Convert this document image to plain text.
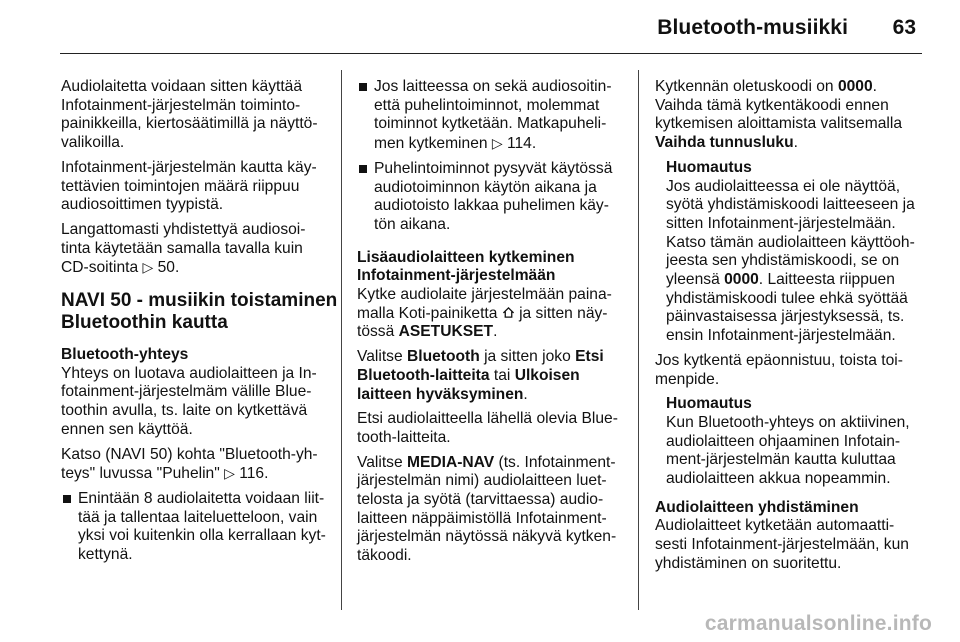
Bluetooth-musiikki 63

Audiolaitetta voidaan sitten käyttää
Infotainment-järjestelmän toiminto-
painikkeilla, kiertosäätimillä ja näyttö-
valikoilla.

Infotainment-järjestelmän kautta käy-
tettävien toimintojen määrä riippuu
audiosoittimen tyypistä.

Langattomasti yhdistettyä audiosoi-
tinta käytetään samalla tavalla kuin
CD-soitinta ▷ 50.

NAVI 50 - musiikin toistaminen
Bluetoothin kautta
Bluetooth-yhteys

Yhteys on luotava audiolaitteen ja In-
fotainment-järjestelmäm välille Blue-
toothin avulla, ts. laite on kytkettävä
ennen sen käyttöä.

Katso (NAVI 50) kohta "Bluetooth-yh-
teys" luvussa "Puhelin" ▷ 116.

Enintään 8 audiolaitetta voidaan liit-
tää ja tallentaa laiteluetteloon, vain
yksi voi kuitenkin olla kerrallaan kyt-
kettynä.
Jos laitteessa on sekä audiosoitin-
että puhelintoiminnot, molemmat
toiminnot kytketään. Matkapuheli-
men kytkeminen ▷ 114.
Puhelintoiminnot pysyvät käytössä
audiotoiminnon käytön aikana ja
audiotoisto lakkaa puhelimen käy-
tön aikana.
Lisäaudiolaitteen kytkeminen
Infotainment-järjestelmään

Kytke audiolaite järjestelmään paina-
malla Koti-painiketta  ja sitten näy-
tössä ASETUKSET.

Valitse Bluetooth ja sitten joko Etsi
Bluetooth-laitteita tai Ulkoisen
laitteen hyväksyminen.

Etsi audiolaitteella lähellä olevia Blue-
tooth-laitteita.

Valitse MEDIA-NAV (ts. Infotainment-
järjestelmän nimi) audiolaitteen luet-
telosta ja syötä (tarvittaessa) audio-
laitteen näppäimistöllä Infotainment-
järjestelmän näytössä näkyvä kytken-
täkoodi.

Kytkennän oletuskoodi on 0000.
Vaihda tämä kytkentäkoodi ennen
kytkemisen aloittamista valitsemalla
Vaihda tunnusluku.

Huomautus
Jos audiolaitteessa ei ole näyttöä,
syötä yhdistämiskoodi laitteeseen ja
sitten Infotainment-järjestelmään.
Katso tämän audiolaitteen käyttöoh-
jeesta sen yhdistämiskoodi, se on
yleensä 0000. Laitteesta riippuen
yhdistämiskoodi tulee ehkä syöttää
päinvastaisessa järjestyksessä, ts.
ensin Infotainment-järjestelmään.

Jos kytkentä epäonnistuu, toista toi-
menpide.

Huomautus
Kun Bluetooth-yhteys on aktiivinen,
audiolaitteen ohjaaminen Infotain-
ment-järjestelmän kautta kuluttaa
audiolaitteen akkua nopeammin.
Audiolaitteen yhdistäminen

Audiolaitteet kytketään automaatti-
sesti Infotainment-järjestelmään, kun
yhdistäminen on suoritettu.

carmanualsonline.info
